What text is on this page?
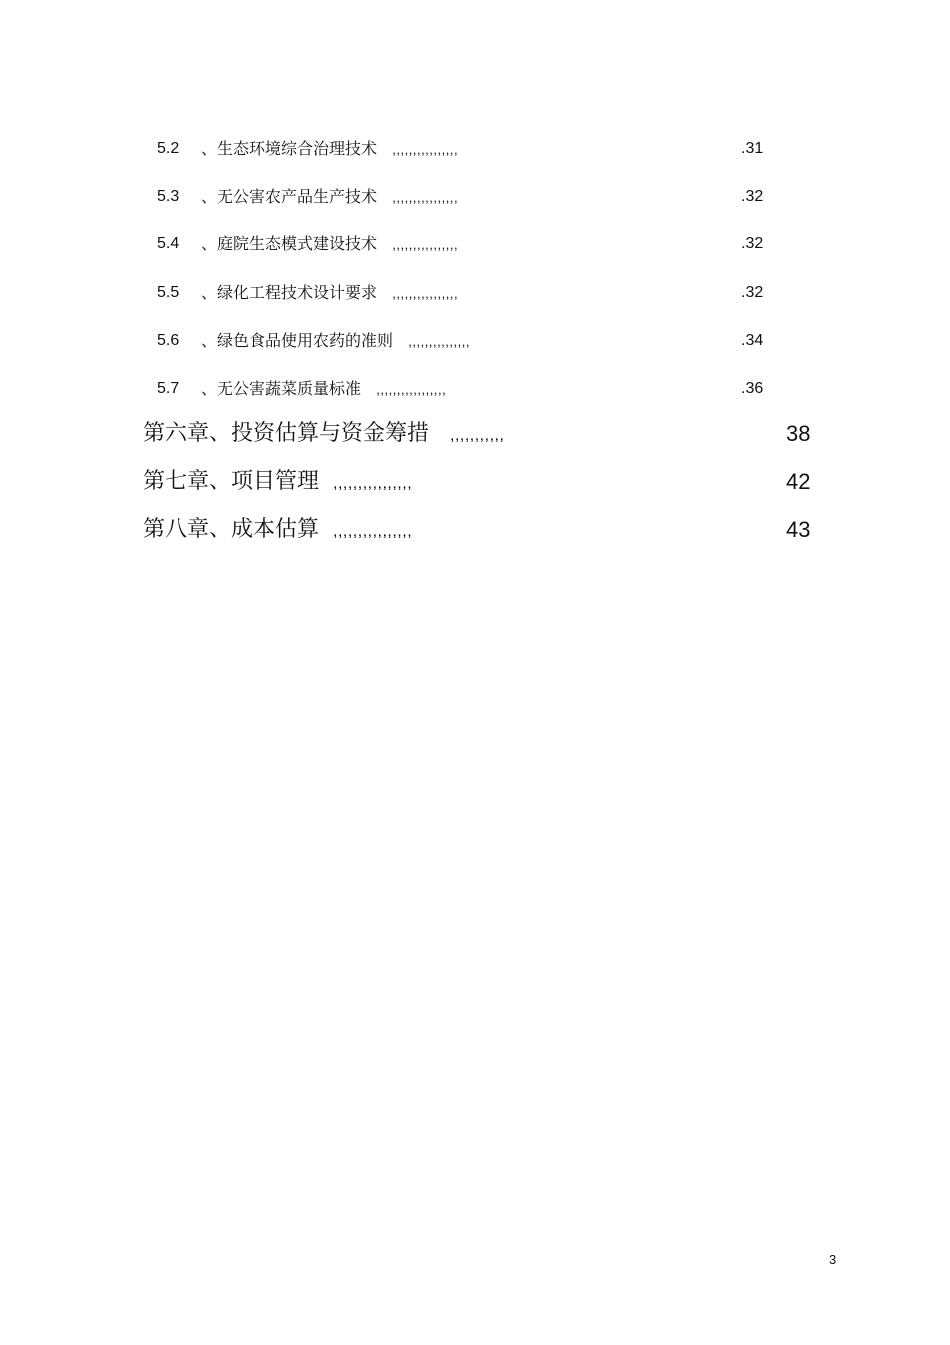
5.2 、生态环境综合治理技术 ,,,,,,,,,,,,,,,,	.31
5.3 、无公害农产品生产技术 ,,,,,,,,,,,,,,,,	.32
5.4 、庭院生态模式建设技术 ,,,,,,,,,,,,,,,,	.32
5.5 、绿化工程技术设计要求 ,,,,,,,,,,,,,,,,	.32
5.6 、绿色食品使用农药的准则 ,,,,,,,,,,,,,,,	.34
5.7 、无公害蔬菜质量标准 ,,,,,,,,,,,,,,,,,	.36
第六章、投资估算与资金筹措 ,,,,,,,,,,,	38
第七章、项目管理 ,,,,,,,,,,,,,,,,	42
第八章、成本估算 ,,,,,,,,,,,,,,,,	43
3
